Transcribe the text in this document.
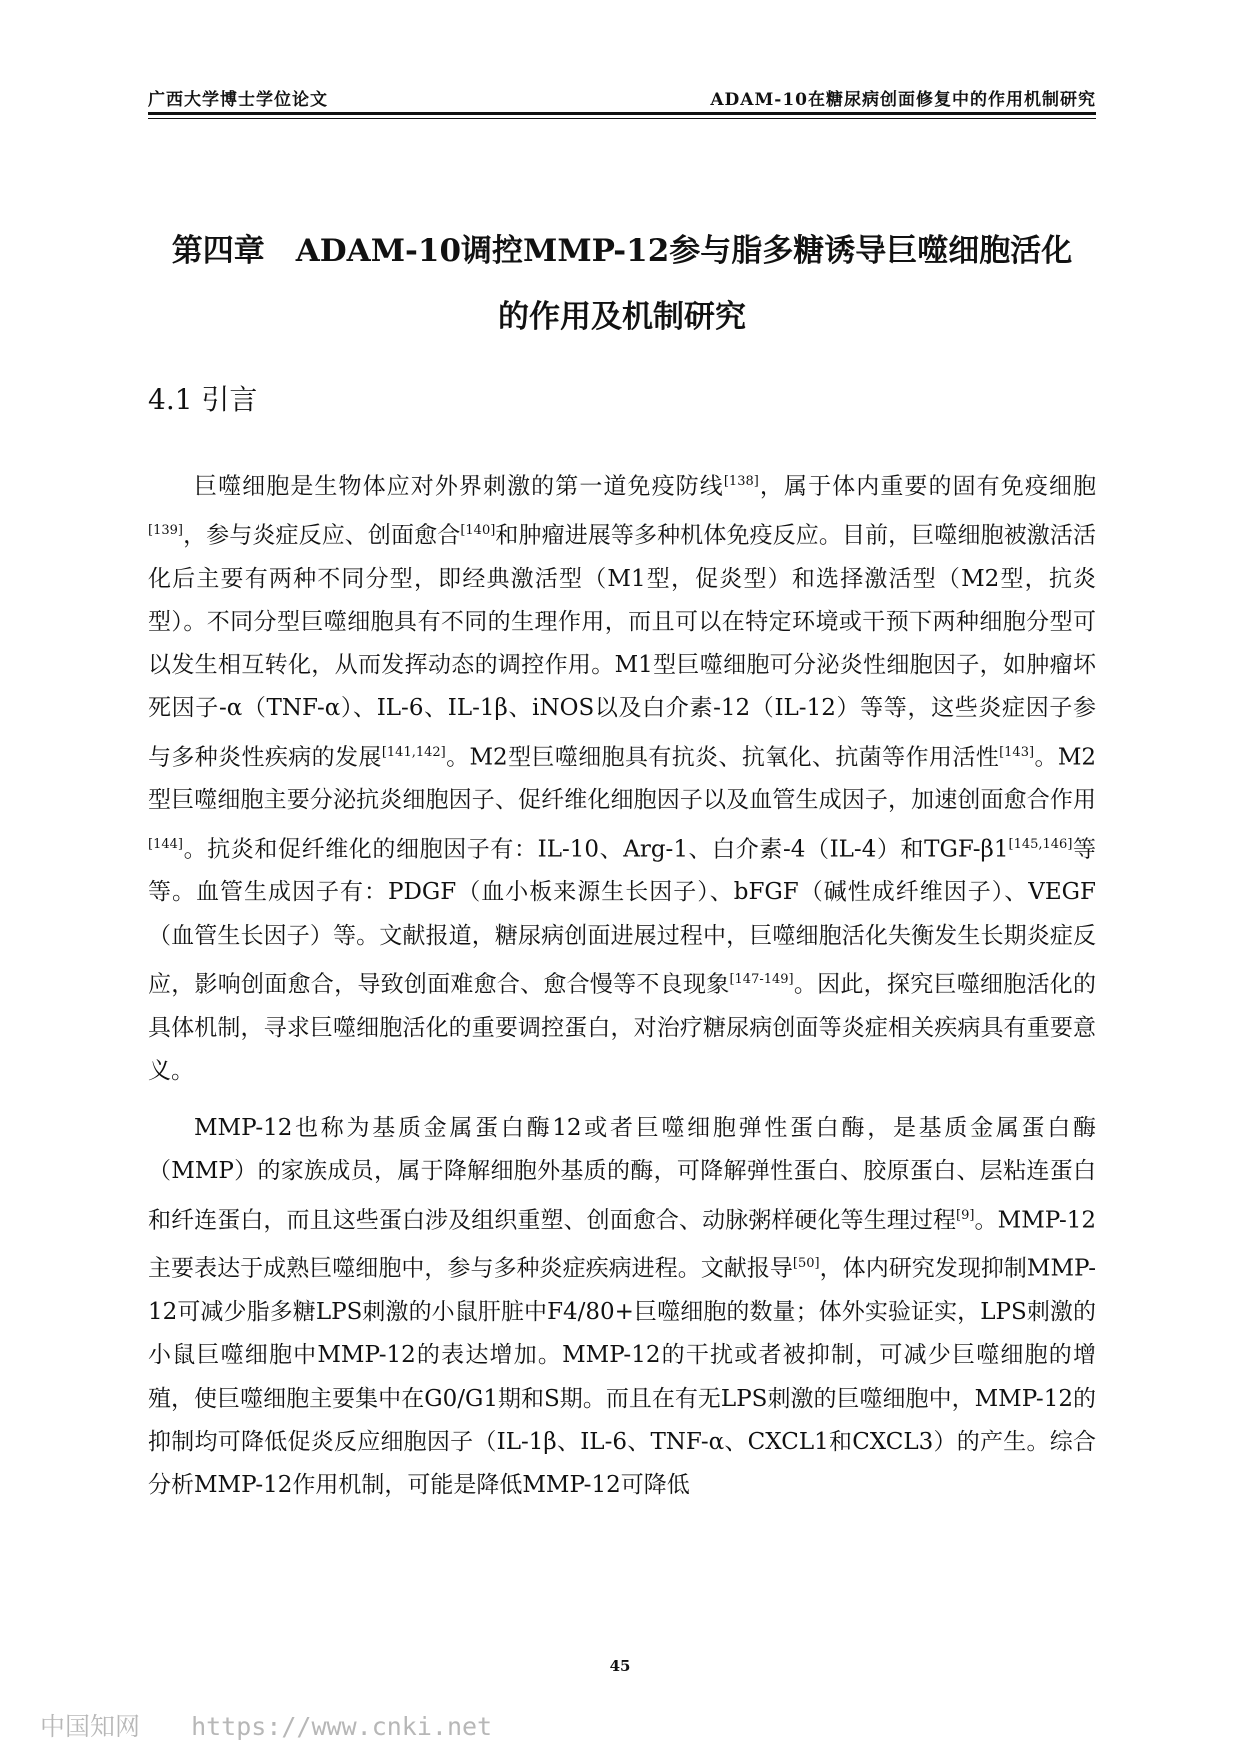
广西大学博士学位论文	ADAM-10在糖尿病创面修复中的作用机制研究
第四章　ADAM-10调控MMP-12参与脂多糖诱导巨噬细胞活化
的作用及机制研究
4.1 引言

巨噬细胞是生物体应对外界刺激的第一道免疫防线[138]，属于体内重要的固有免疫细胞[139]，参与炎症反应、创面愈合[140]和肿瘤进展等多种机体免疫反应。目前，巨噬细胞被激活活化后主要有两种不同分型，即经典激活型（M1型，促炎型）和选择激活型（M2型，抗炎型）。不同分型巨噬细胞具有不同的生理作用，而且可以在特定环境或干预下两种细胞分型可以发生相互转化，从而发挥动态的调控作用。M1型巨噬细胞可分泌炎性细胞因子，如肿瘤坏死因子-α（TNF-α）、IL-6、IL-1β、iNOS以及白介素-12（IL-12）等等，这些炎症因子参与多种炎性疾病的发展[141,142]。M2型巨噬细胞具有抗炎、抗氧化、抗菌等作用活性[143]。M2型巨噬细胞主要分泌抗炎细胞因子、促纤维化细胞因子以及血管生成因子，加速创面愈合作用[144]。抗炎和促纤维化的细胞因子有：IL-10、Arg-1、白介素-4（IL-4）和TGF-β1[145,146]等等。血管生成因子有：PDGF（血小板来源生长因子）、bFGF（碱性成纤维因子）、VEGF（血管生长因子）等。文献报道，糖尿病创面进展过程中，巨噬细胞活化失衡发生长期炎症反应，影响创面愈合，导致创面难愈合、愈合慢等不良现象[147-149]。因此，探究巨噬细胞活化的具体机制，寻求巨噬细胞活化的重要调控蛋白，对治疗糖尿病创面等炎症相关疾病具有重要意义。

MMP-12也称为基质金属蛋白酶12或者巨噬细胞弹性蛋白酶，是基质金属蛋白酶（MMP）的家族成员，属于降解细胞外基质的酶，可降解弹性蛋白、胶原蛋白、层粘连蛋白和纤连蛋白，而且这些蛋白涉及组织重塑、创面愈合、动脉粥样硬化等生理过程[9]。MMP-12主要表达于成熟巨噬细胞中，参与多种炎症疾病进程。文献报导[50]，体内研究发现抑制MMP-12可减少脂多糖LPS刺激的小鼠肝脏中F4/80+巨噬细胞的数量；体外实验证实，LPS刺激的小鼠巨噬细胞中MMP-12的表达增加。MMP-12的干扰或者被抑制，可减少巨噬细胞的增殖，使巨噬细胞主要集中在G0/G1期和S期。而且在有无LPS刺激的巨噬细胞中，MMP-12的抑制均可降低促炎反应细胞因子（IL-1β、IL-6、TNF-α、CXCL1和CXCL3）的产生。综合分析MMP-12作用机制，可能是降低MMP-12可降低

45
中国知网 https://www.cnki.net
